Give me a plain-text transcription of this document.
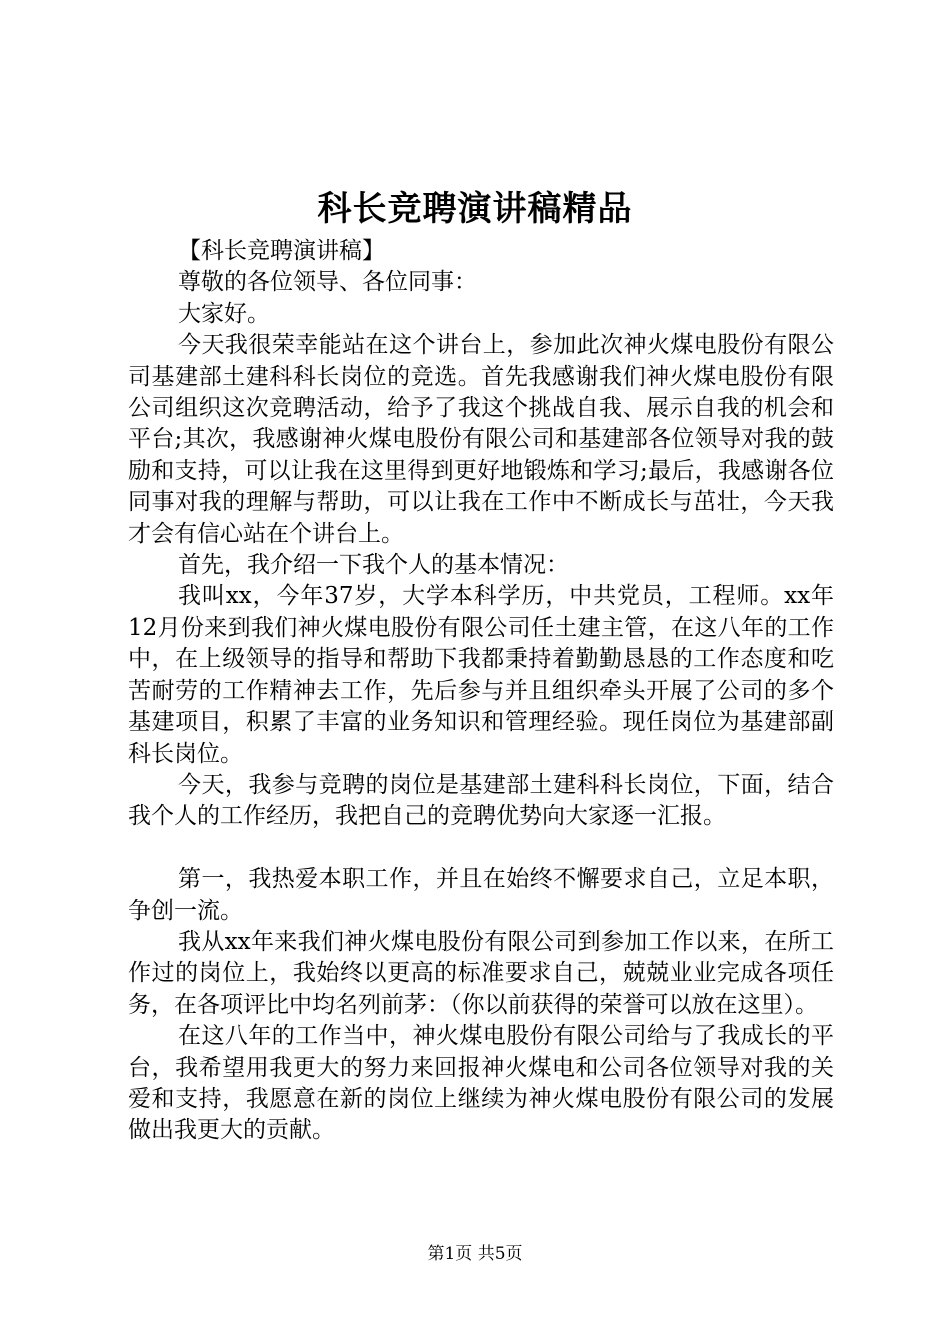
科长竞聘演讲稿精品

【科长竞聘演讲稿】

尊敬的各位领导、各位同事：

大家好。

今天我很荣幸能站在这个讲台上，参加此次神火煤电股份有限公司基建部土建科科长岗位的竞选。首先我感谢我们神火煤电股份有限公司组织这次竞聘活动，给予了我这个挑战自我、展示自我的机会和平台;其次，我感谢神火煤电股份有限公司和基建部各位领导对我的鼓励和支持，可以让我在这里得到更好地锻炼和学习;最后，我感谢各位同事对我的理解与帮助，可以让我在工作中不断成长与茁壮，今天我才会有信心站在个讲台上。

首先，我介绍一下我个人的基本情况：

我叫xx，今年37岁，大学本科学历，中共党员，工程师。xx年12月份来到我们神火煤电股份有限公司任土建主管，在这八年的工作中，在上级领导的指导和帮助下我都秉持着勤勤恳恳的工作态度和吃苦耐劳的工作精神去工作，先后参与并且组织牵头开展了公司的多个基建项目，积累了丰富的业务知识和管理经验。现任岗位为基建部副科长岗位。

今天，我参与竞聘的岗位是基建部土建科科长岗位，下面，结合我个人的工作经历，我把自己的竞聘优势向大家逐一汇报。

第一，我热爱本职工作，并且在始终不懈要求自己，立足本职，争创一流。

我从xx年来我们神火煤电股份有限公司到参加工作以来，在所工作过的岗位上，我始终以更高的标准要求自己，兢兢业业完成各项任务，在各项评比中均名列前茅：（你以前获得的荣誉可以放在这里）。

在这八年的工作当中，神火煤电股份有限公司给与了我成长的平台，我希望用我更大的努力来回报神火煤电和公司各位领导对我的关爱和支持，我愿意在新的岗位上继续为神火煤电股份有限公司的发展做出我更大的贡献。

第1页 共5页
